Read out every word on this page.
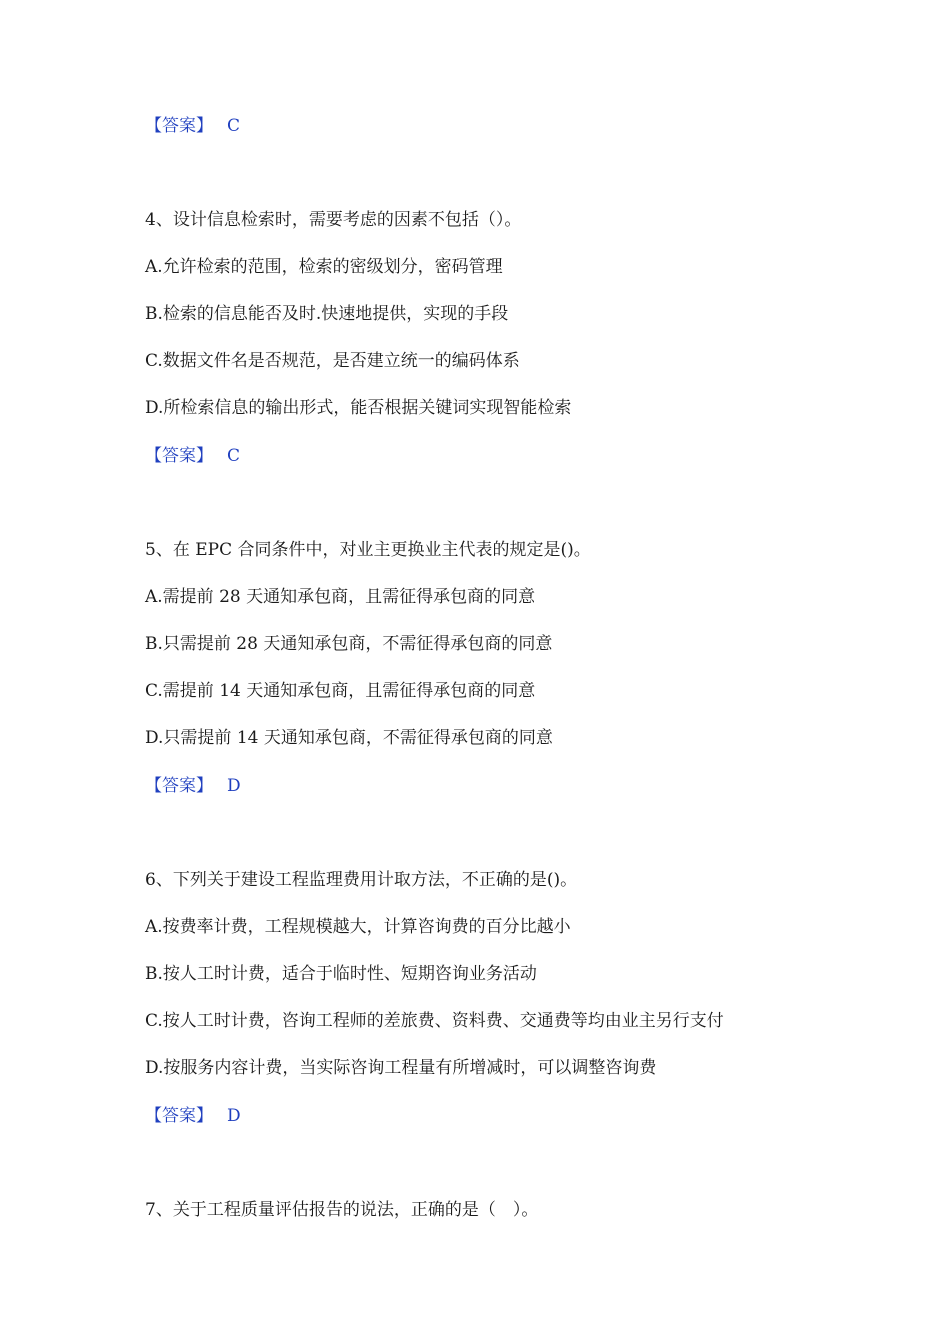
【答案】 C
4、设计信息检索时，需要考虑的因素不包括（）。
A.允许检索的范围，检索的密级划分，密码管理
B.检索的信息能否及时.快速地提供，实现的手段
C.数据文件名是否规范，是否建立统一的编码体系
D.所检索信息的输出形式，能否根据关键词实现智能检索
【答案】 C
5、在 EPC 合同条件中，对业主更换业主代表的规定是()。
A.需提前 28 天通知承包商，且需征得承包商的同意
B.只需提前 28 天通知承包商，不需征得承包商的同意
C.需提前 14 天通知承包商，且需征得承包商的同意
D.只需提前 14 天通知承包商，不需征得承包商的同意
【答案】 D
6、下列关于建设工程监理费用计取方法，不正确的是()。
A.按费率计费，工程规模越大，计算咨询费的百分比越小
B.按人工时计费，适合于临时性、短期咨询业务活动
C.按人工时计费，咨询工程师的差旅费、资料费、交通费等均由业主另行支付
D.按服务内容计费，当实际咨询工程量有所增减时，可以调整咨询费
【答案】 D
7、关于工程质量评估报告的说法，正确的是（　）。
